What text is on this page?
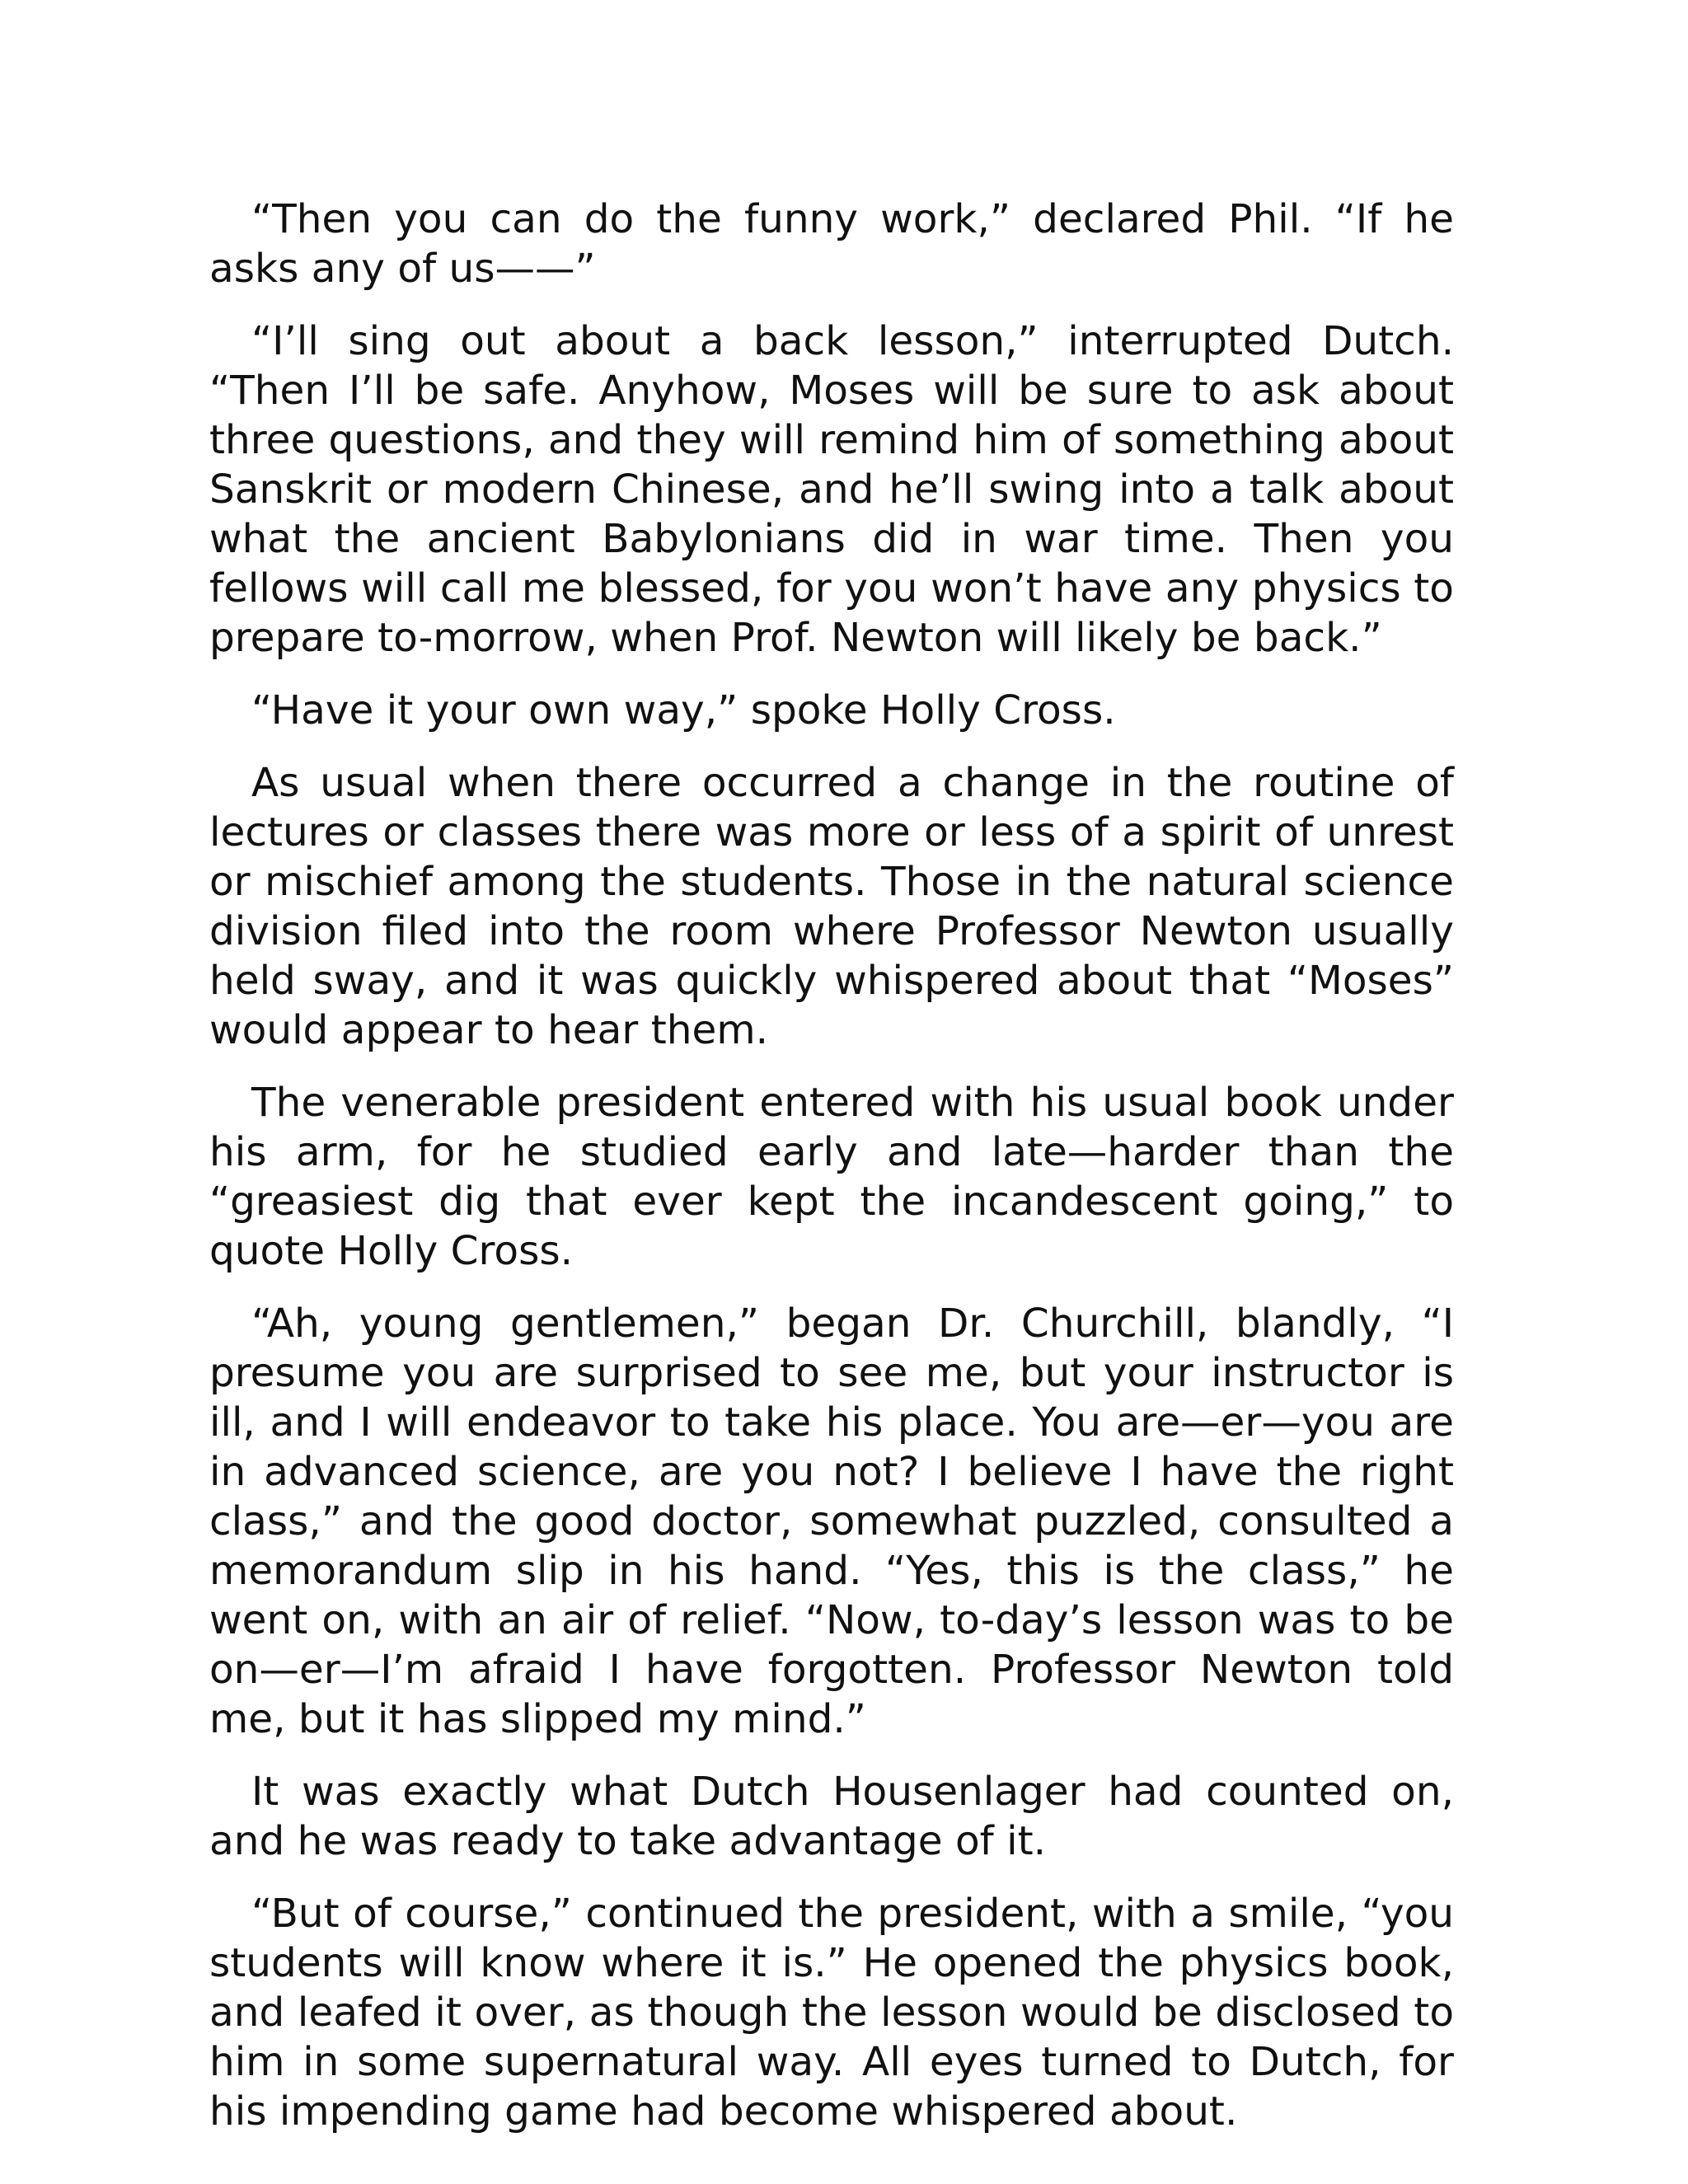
“Then you can do the funny work,” declared Phil. “If he asks any of us——”

“I’ll sing out about a back lesson,” interrupted Dutch. “Then I’ll be safe. Anyhow, Moses will be sure to ask about three questions, and they will remind him of something about Sanskrit or modern Chinese, and he’ll swing into a talk about what the ancient Babylonians did in war time. Then you fellows will call me blessed, for you won’t have any physics to prepare to-morrow, when Prof. Newton will likely be back.”

“Have it your own way,” spoke Holly Cross.

As usual when there occurred a change in the routine of lectures or classes there was more or less of a spirit of unrest or mischief among the students. Those in the natural science division filed into the room where Professor Newton usually held sway, and it was quickly whispered about that “Moses” would appear to hear them.

The venerable president entered with his usual book under his arm, for he studied early and late—harder than the “greasiest dig that ever kept the incandescent going,” to quote Holly Cross.

“Ah, young gentlemen,” began Dr. Churchill, blandly, “I presume you are surprised to see me, but your instructor is ill, and I will endeavor to take his place. You are—er—you are in advanced science, are you not? I believe I have the right class,” and the good doctor, somewhat puzzled, consulted a memorandum slip in his hand. “Yes, this is the class,” he went on, with an air of relief. “Now, to-day’s lesson was to be on—er—I’m afraid I have forgotten. Professor Newton told me, but it has slipped my mind.”

It was exactly what Dutch Housenlager had counted on, and he was ready to take advantage of it.

“But of course,” continued the president, with a smile, “you students will know where it is.” He opened the physics book, and leafed it over, as though the lesson would be disclosed to him in some supernatural way. All eyes turned to Dutch, for his impending game had become whispered about.
